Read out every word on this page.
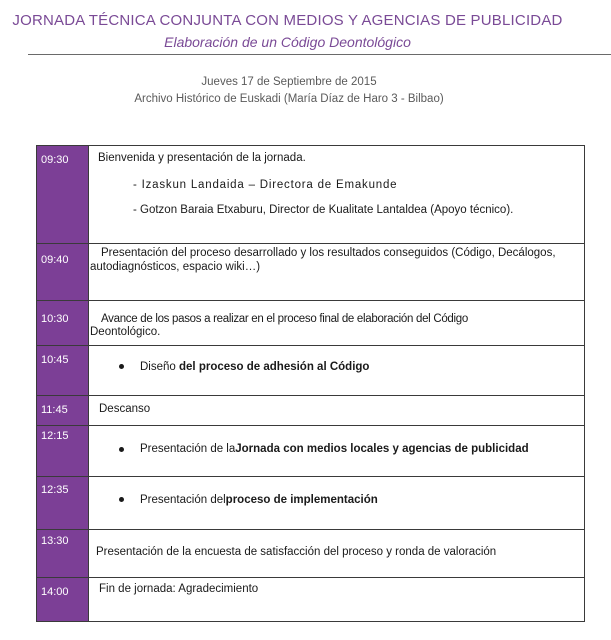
JORNADA TÉCNICA CONJUNTA CON MEDIOS Y AGENCIAS DE PUBLICIDAD
Elaboración de un Código Deontológico
Jueves 17 de Septiembre de 2015
Archivo Histórico de Euskadi (María Díaz de Haro 3 - Bilbao)
09:30	Bienvenida y presentación de la jornada.
- Izaskun Landaida – Directora de Emakunde
- Gotzon Baraia Etxaburu, Director de Kualitate Lantaldea (Apoyo técnico).

09:40	Presentación del proceso desarrollado y los resultados conseguidos (Código, Decálogos,
autodiagnósticos, espacio wiki…)

10:30	Avance de los pasos a realizar en el proceso final de elaboración del Código
Deontológico.

10:45	Diseño
del proceso de adhesión al Código

11:45	Descanso

12:15	Presentación de la Jornada con medios locales y agencias de publicidad

12:35	Presentación del proceso de implementación

13:30	Presentación de la encuesta de satisfacción del proceso y ronda de valoración

14:00	Fin de jornada: Agradecimiento
